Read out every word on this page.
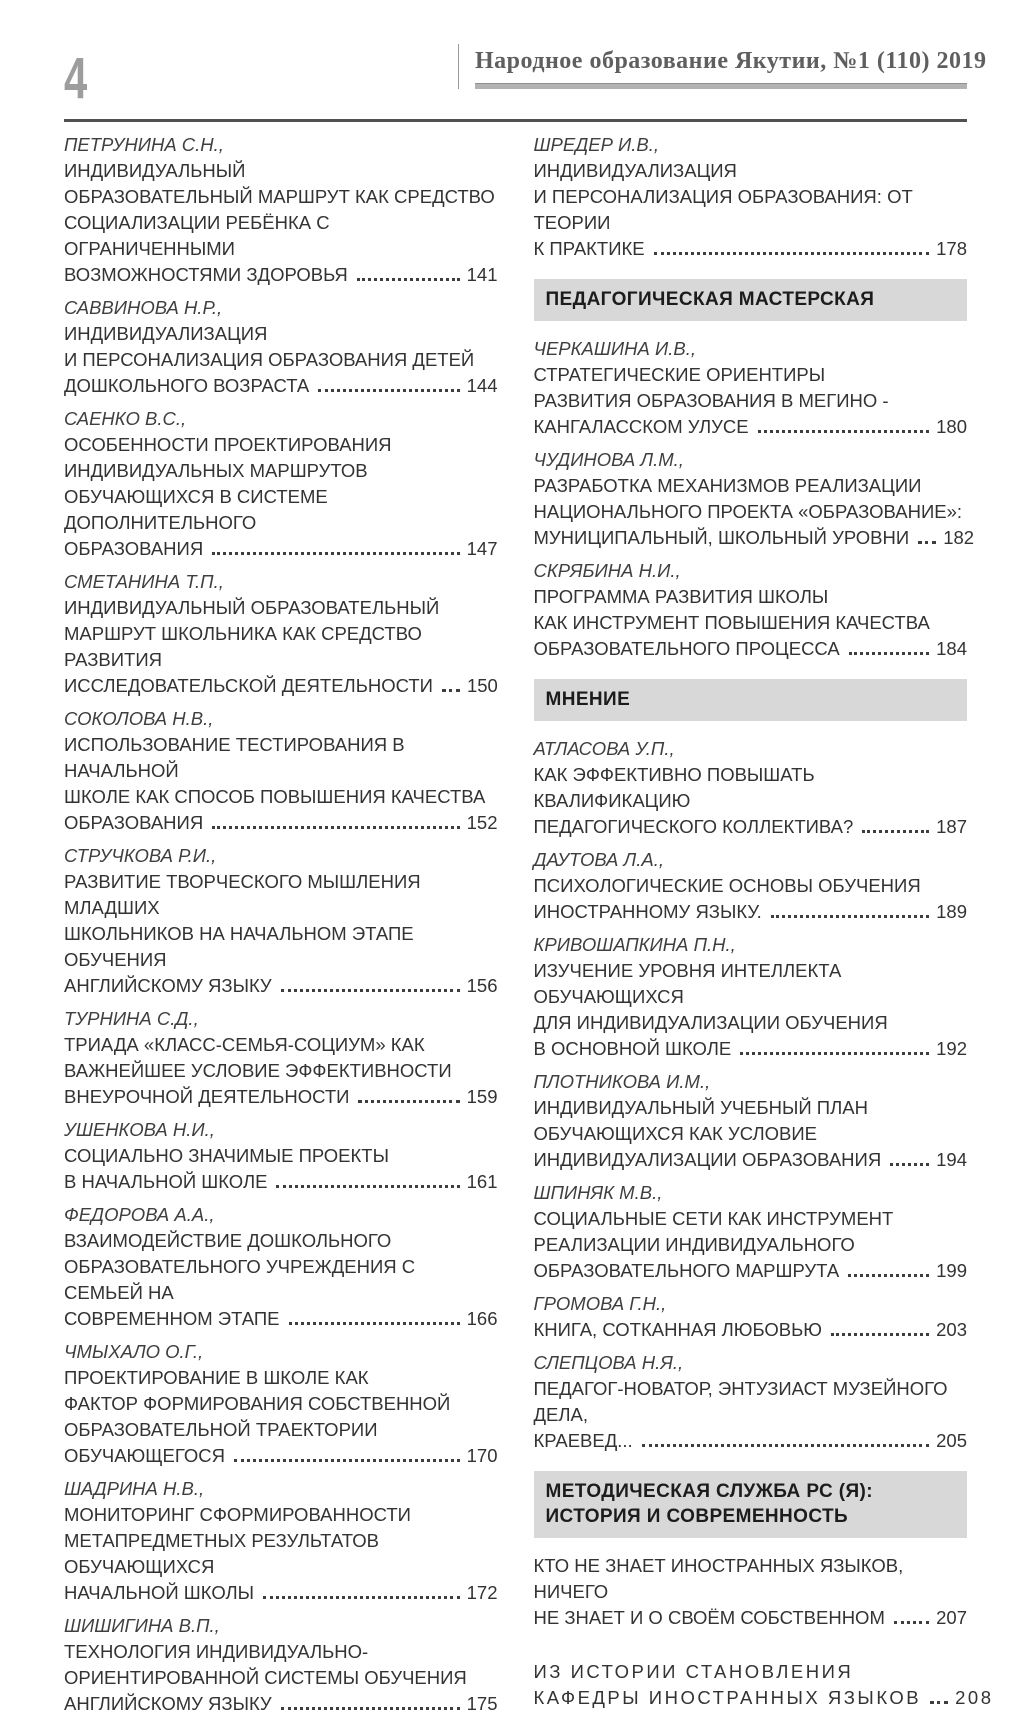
4	Народное образование Якутии, №1 (110) 2019
ПЕТРУНИНА С.Н.,
ИНДИВИДУАЛЬНЫЙ
ОБРАЗОВАТЕЛЬНЫЙ МАРШРУТ КАК СРЕДСТВО
СОЦИАЛИЗАЦИИ РЕБЁНКА С ОГРАНИЧЕННЫМИ
ВОЗМОЖНОСТЯМИ ЗДОРОВЬЯ	141
САВВИНОВА Н.Р.,
ИНДИВИДУАЛИЗАЦИЯ
И ПЕРСОНАЛИЗАЦИЯ ОБРАЗОВАНИЯ ДЕТЕЙ
ДОШКОЛЬНОГО ВОЗРАСТА	144
САЕНКО В.С.,
ОСОБЕННОСТИ ПРОЕКТИРОВАНИЯ
ИНДИВИДУАЛЬНЫХ МАРШРУТОВ
ОБУЧАЮЩИХСЯ В СИСТЕМЕ ДОПОЛНИТЕЛЬНОГО
ОБРАЗОВАНИЯ	147
СМЕТАНИНА Т.П.,
ИНДИВИДУАЛЬНЫЙ ОБРАЗОВАТЕЛЬНЫЙ
МАРШРУТ ШКОЛЬНИКА КАК СРЕДСТВО РАЗВИТИЯ
ИССЛЕДОВАТЕЛЬСКОЙ ДЕЯТЕЛЬНОСТИ 150
СОКОЛОВА Н.В.,
ИСПОЛЬЗОВАНИЕ ТЕСТИРОВАНИЯ В НАЧАЛЬНОЙ
ШКОЛЕ КАК СПОСОБ ПОВЫШЕНИЯ КАЧЕСТВА
ОБРАЗОВАНИЯ	152
СТРУЧКОВА Р.И.,
РАЗВИТИЕ ТВОРЧЕСКОГО МЫШЛЕНИЯ МЛАДШИХ
ШКОЛЬНИКОВ НА НАЧАЛЬНОМ ЭТАПЕ ОБУЧЕНИЯ
АНГЛИЙСКОМУ ЯЗЫКУ	156
ТУРНИНА С.Д.,
ТРИАДА «КЛАСС-СЕМЬЯ-СОЦИУМ» КАК
ВАЖНЕЙШЕЕ УСЛОВИЕ ЭФФЕКТИВНОСТИ
ВНЕУРОЧНОЙ ДЕЯТЕЛЬНОСТИ	159
УШЕНКОВА Н.И.,
СОЦИАЛЬНО ЗНАЧИМЫЕ ПРОЕКТЫ
В НАЧАЛЬНОЙ ШКОЛЕ	161
ФЕДОРОВА А.А.,
ВЗАИМОДЕЙСТВИЕ ДОШКОЛЬНОГО
ОБРАЗОВАТЕЛЬНОГО УЧРЕЖДЕНИЯ С СЕМЬЕЙ НА
СОВРЕМЕННОМ ЭТАПЕ	166
ЧМЫХАЛО О.Г.,
ПРОЕКТИРОВАНИЕ В ШКОЛЕ КАК
ФАКТОР ФОРМИРОВАНИЯ СОБСТВЕННОЙ
ОБРАЗОВАТЕЛЬНОЙ ТРАЕКТОРИИ
ОБУЧАЮЩЕГОСЯ	170
ШАДРИНА Н.В.,
МОНИТОРИНГ СФОРМИРОВАННОСТИ
МЕТАПРЕДМЕТНЫХ РЕЗУЛЬТАТОВ ОБУЧАЮЩИХСЯ
НАЧАЛЬНОЙ ШКОЛЫ	172
ШИШИГИНА В.П.,
ТЕХНОЛОГИЯ ИНДИВИДУАЛЬНО-
ОРИЕНТИРОВАННОЙ СИСТЕМЫ ОБУЧЕНИЯ
АНГЛИЙСКОМУ ЯЗЫКУ	175
ШРЕДЕР И.В.,
ИНДИВИДУАЛИЗАЦИЯ
И ПЕРСОНАЛИЗАЦИЯ ОБРАЗОВАНИЯ: ОТ ТЕОРИИ
К ПРАКТИКЕ	178
ПЕДАГОГИЧЕСКАЯ МАСТЕРСКАЯ
ЧЕРКАШИНА И.В.,
СТРАТЕГИЧЕСКИЕ ОРИЕНТИРЫ
РАЗВИТИЯ ОБРАЗОВАНИЯ В МЕГИНО -
КАНГАЛАССКОМ УЛУСЕ	180
ЧУДИНОВА Л.М.,
РАЗРАБОТКА МЕХАНИЗМОВ РЕАЛИЗАЦИИ
НАЦИОНАЛЬНОГО ПРОЕКТА «ОБРАЗОВАНИЕ»:
МУНИЦИПАЛЬНЫЙ, ШКОЛЬНЫЙ УРОВНИ 182
СКРЯБИНА Н.И.,
ПРОГРАММА РАЗВИТИЯ ШКОЛЫ
КАК ИНСТРУМЕНТ ПОВЫШЕНИЯ КАЧЕСТВА
ОБРАЗОВАТЕЛЬНОГО ПРОЦЕССА	184
МНЕНИЕ
АТЛАСОВА У.П.,
КАК ЭФФЕКТИВНО ПОВЫШАТЬ КВАЛИФИКАЦИЮ
ПЕДАГОГИЧЕСКОГО КОЛЛЕКТИВА?	187
ДАУТОВА Л.А.,
ПСИХОЛОГИЧЕСКИЕ ОСНОВЫ ОБУЧЕНИЯ
ИНОСТРАННОМУ ЯЗЫКУ.	189
КРИВОШАПКИНА П.Н.,
ИЗУЧЕНИЕ УРОВНЯ ИНТЕЛЛЕКТА ОБУЧАЮЩИХСЯ
ДЛЯ ИНДИВИДУАЛИЗАЦИИ ОБУЧЕНИЯ
В ОСНОВНОЙ ШКОЛЕ	192
ПЛОТНИКОВА И.М.,
ИНДИВИДУАЛЬНЫЙ УЧЕБНЫЙ ПЛАН
ОБУЧАЮЩИХСЯ КАК УСЛОВИЕ
ИНДИВИДУАЛИЗАЦИИ ОБРАЗОВАНИЯ	194
ШПИНЯК М.В.,
СОЦИАЛЬНЫЕ СЕТИ КАК ИНСТРУМЕНТ
РЕАЛИЗАЦИИ ИНДИВИДУАЛЬНОГО
ОБРАЗОВАТЕЛЬНОГО МАРШРУТА	199
ГРОМОВА Г.Н.,
КНИГА, СОТКАННАЯ ЛЮБОВЬЮ	203
СЛЕПЦОВА Н.Я.,
ПЕДАГОГ-НОВАТОР, ЭНТУЗИАСТ МУЗЕЙНОГО ДЕЛА,
КРАЕВЕД...	205
МЕТОДИЧЕСКАЯ СЛУЖБА РС (Я): ИСТОРИЯ И СОВРЕМЕННОСТЬ
КТО НЕ ЗНАЕТ ИНОСТРАННЫХ ЯЗЫКОВ, НИЧЕГО
НЕ ЗНАЕТ И О СВОЁМ СОБСТВЕННОМ	207
ИЗ ИСТОРИИ СТАНОВЛЕНИЯ
КАФЕДРЫ ИНОСТРАННЫХ ЯЗЫКОВ 208
